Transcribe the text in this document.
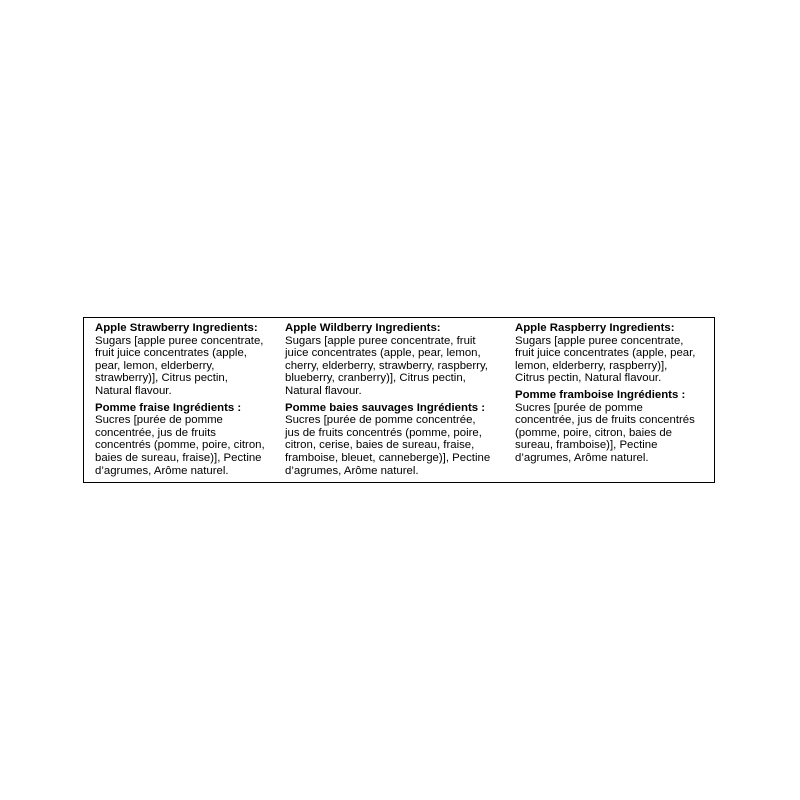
Apple Strawberry Ingredients:
Sugars [apple puree concentrate,
fruit juice concentrates (apple,
pear, lemon, elderberry,
strawberry)], Citrus pectin,
Natural flavour.
Pomme fraise Ingrédients :
Sucres [purée de pomme
concentrée, jus de fruits
concentrés (pomme, poire, citron,
baies de sureau, fraise)], Pectine
d’agrumes, Arôme naturel.
Apple Wildberry Ingredients:
Sugars [apple puree concentrate, fruit
juice concentrates (apple, pear, lemon,
cherry, elderberry, strawberry, raspberry,
blueberry, cranberry)], Citrus pectin,
Natural flavour.
Pomme baies sauvages Ingrédients :
Sucres [purée de pomme concentrée,
jus de fruits concentrés (pomme, poire,
citron, cerise, baies de sureau, fraise,
framboise, bleuet, canneberge)], Pectine
d’agrumes, Arôme naturel.
Apple Raspberry Ingredients:
Sugars [apple puree concentrate,
fruit juice concentrates (apple, pear,
lemon, elderberry, raspberry)],
Citrus pectin, Natural flavour.
Pomme framboise Ingrédients :
Sucres [purée de pomme
concentrée, jus de fruits concentrés
(pomme, poire, citron, baies de
sureau, framboise)], Pectine
d’agrumes, Arôme naturel.
